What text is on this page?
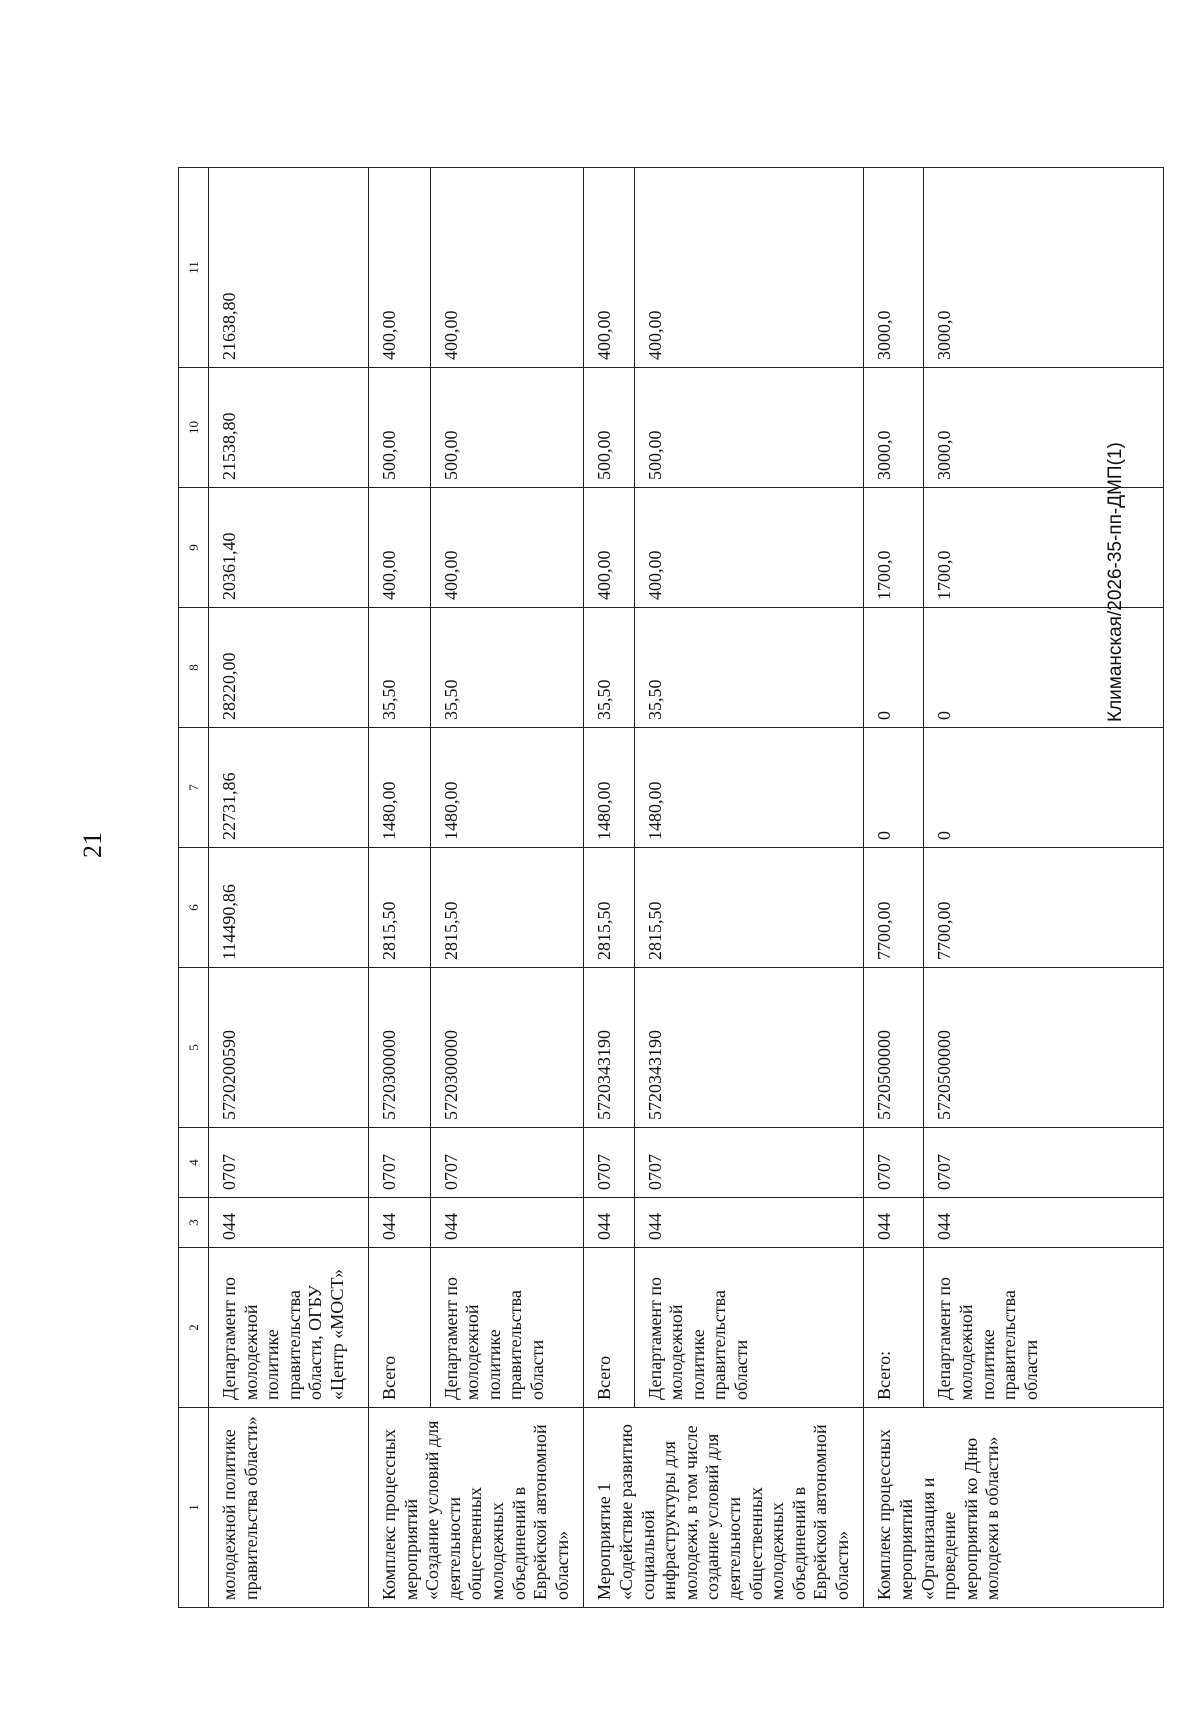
21
1	2	3	4	5	6	7	8	9	10	11
молодежной политике правительства области»	Департамент по молодежной политике правительства области, ОГБУ «Центр «МОСТ»	044	0707	5720200590	114490,86	22731,86	28220,00	20361,40	21538,80	21638,80
Комплекс процессных мероприятий «Создание условий для деятельности общественных молодежных объединений в Еврейской автономной области»	Всего	044	0707	5720300000	2815,50	1480,00	35,50	400,00	500,00	400,00
	Департамент по молодежной политике правительства области	044	0707	5720300000	2815,50	1480,00	35,50	400,00	500,00	400,00
Мероприятие 1 «Содействие развитию социальной инфраструктуры для молодежи, в том числе создание условий для деятельности общественных молодежных объединений в Еврейской автономной области»	Всего	044	0707	5720343190	2815,50	1480,00	35,50	400,00	500,00	400,00
	Департамент по молодежной политике правительства области	044	0707	5720343190	2815,50	1480,00	35,50	400,00	500,00	400,00
Комплекс процессных мероприятий «Организация и проведение мероприятий ко Дню молодежи в области»	Всего:	044	0707	5720500000	7700,00	0	0	1700,0	3000,0	3000,0
	Департамент по молодежной политике правительства области	044	0707	5720500000	7700,00	0	0	1700,0	3000,0	3000,0
Климанская/2026-35-пп-ДМП(1)
